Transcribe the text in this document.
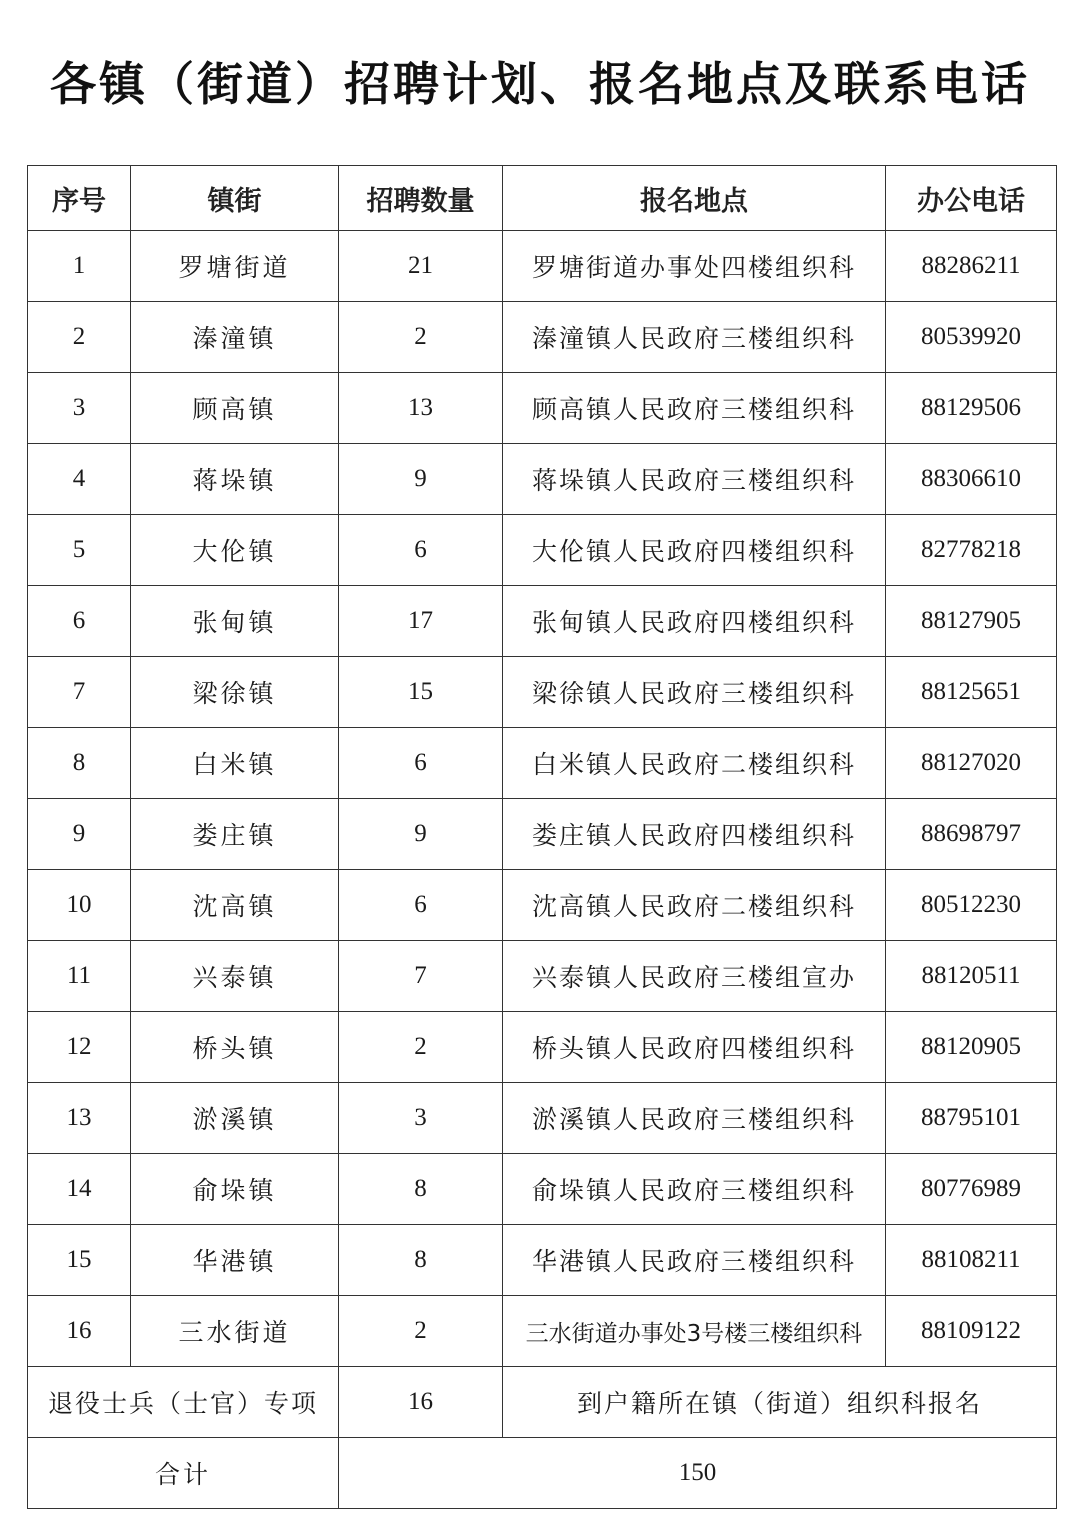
各镇（街道）招聘计划、报名地点及联系电话
序号	镇街	招聘数量	报名地点	办公电话
1	罗塘街道	21	罗塘街道办事处四楼组织科	88286211
2	溱潼镇	2	溱潼镇人民政府三楼组织科	80539920
3	顾高镇	13	顾高镇人民政府三楼组织科	88129506
4	蒋垛镇	9	蒋垛镇人民政府三楼组织科	88306610
5	大伦镇	6	大伦镇人民政府四楼组织科	82778218
6	张甸镇	17	张甸镇人民政府四楼组织科	88127905
7	梁徐镇	15	梁徐镇人民政府三楼组织科	88125651
8	白米镇	6	白米镇人民政府二楼组织科	88127020
9	娄庄镇	9	娄庄镇人民政府四楼组织科	88698797
10	沈高镇	6	沈高镇人民政府二楼组织科	80512230
11	兴泰镇	7	兴泰镇人民政府三楼组宣办	88120511
12	桥头镇	2	桥头镇人民政府四楼组织科	88120905
13	淤溪镇	3	淤溪镇人民政府三楼组织科	88795101
14	俞垛镇	8	俞垛镇人民政府三楼组织科	80776989
15	华港镇	8	华港镇人民政府三楼组织科	88108211
16	三水街道	2	三水街道办事处3号楼三楼组织科	88109122
退役士兵（士官）专项		16	到户籍所在镇（街道）组织科报名	
合计		150		
